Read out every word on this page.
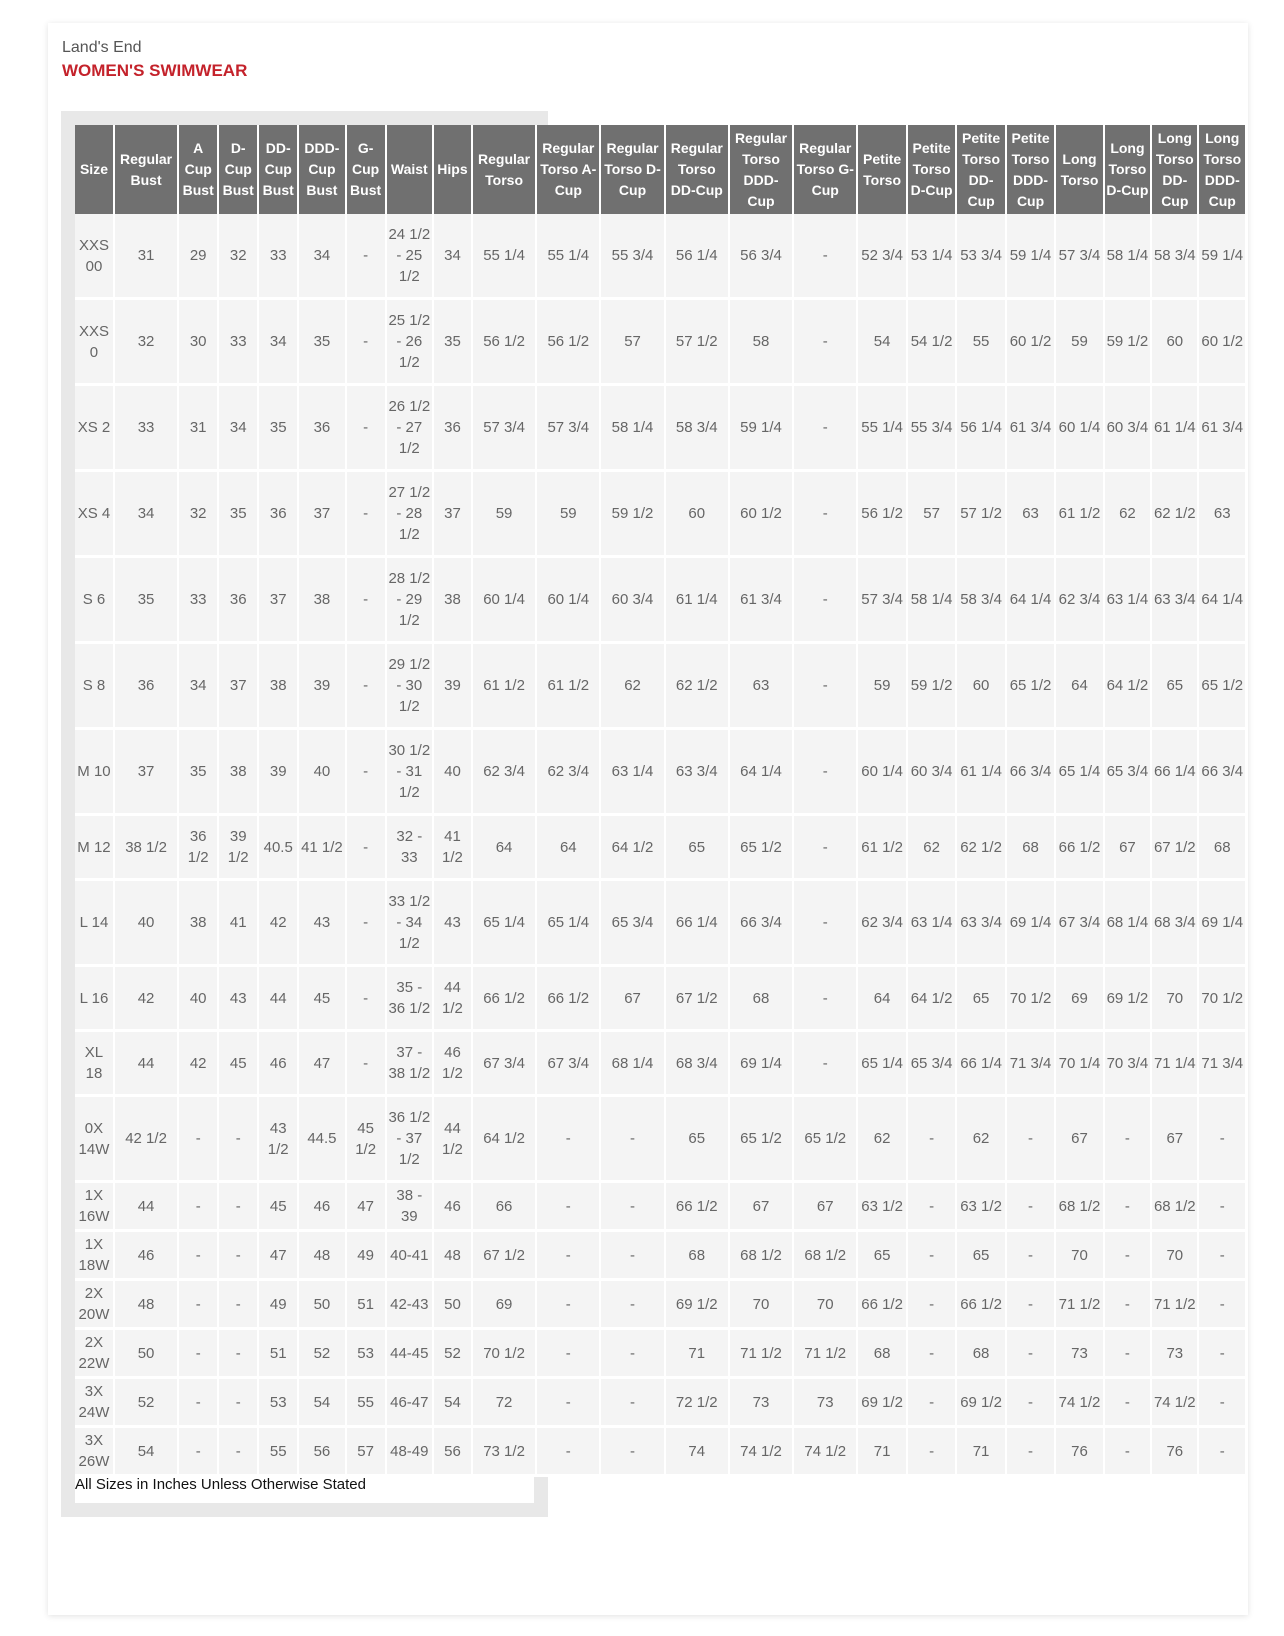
Land's End
WOMEN'S SWIMWEAR
Size	Regular Bust	A Cup Bust	D-Cup Bust	DD-Cup Bust	DDD-Cup Bust	G-Cup Bust	Waist	Hips	Regular Torso	Regular Torso A-Cup	Regular Torso D-Cup	Regular Torso DD-Cup	Regular Torso DDD-Cup	Regular Torso G-Cup	Petite Torso	Petite Torso D-Cup	Petite Torso DD-Cup	Petite Torso DDD-Cup	Long Torso	Long Torso D-Cup	Long Torso DD-Cup	Long Torso DDD-Cup
XXS 00	31	29	32	33	34	-	24 1/2 - 25 1/2	34	55 1/4	55 1/4	55 3/4	56 1/4	56 3/4	-	52 3/4	53 1/4	53 3/4	59 1/4	57 3/4	58 1/4	58 3/4	59 1/4
XXS 0	32	30	33	34	35	-	25 1/2 - 26 1/2	35	56 1/2	56 1/2	57	57 1/2	58	-	54	54 1/2	55	60 1/2	59	59 1/2	60	60 1/2
XS 2	33	31	34	35	36	-	26 1/2 - 27 1/2	36	57 3/4	57 3/4	58 1/4	58 3/4	59 1/4	-	55 1/4	55 3/4	56 1/4	61 3/4	60 1/4	60 3/4	61 1/4	61 3/4
XS 4	34	32	35	36	37	-	27 1/2 - 28 1/2	37	59	59	59 1/2	60	60 1/2	-	56 1/2	57	57 1/2	63	61 1/2	62	62 1/2	63
S 6	35	33	36	37	38	-	28 1/2 - 29 1/2	38	60 1/4	60 1/4	60 3/4	61 1/4	61 3/4	-	57 3/4	58 1/4	58 3/4	64 1/4	62 3/4	63 1/4	63 3/4	64 1/4
S 8	36	34	37	38	39	-	29 1/2 - 30 1/2	39	61 1/2	61 1/2	62	62 1/2	63	-	59	59 1/2	60	65 1/2	64	64 1/2	65	65 1/2
M 10	37	35	38	39	40	-	30 1/2 - 31 1/2	40	62 3/4	62 3/4	63 1/4	63 3/4	64 1/4	-	60 1/4	60 3/4	61 1/4	66 3/4	65 1/4	65 3/4	66 1/4	66 3/4
M 12	38 1/2	36 1/2	39 1/2	40.5	41 1/2	-	32 - 33	41 1/2	64	64	64 1/2	65	65 1/2	-	61 1/2	62	62 1/2	68	66 1/2	67	67 1/2	68
L 14	40	38	41	42	43	-	33 1/2 - 34 1/2	43	65 1/4	65 1/4	65 3/4	66 1/4	66 3/4	-	62 3/4	63 1/4	63 3/4	69 1/4	67 3/4	68 1/4	68 3/4	69 1/4
L 16	42	40	43	44	45	-	35 - 36 1/2	44 1/2	66 1/2	66 1/2	67	67 1/2	68	-	64	64 1/2	65	70 1/2	69	69 1/2	70	70 1/2
XL 18	44	42	45	46	47	-	37 - 38 1/2	46 1/2	67 3/4	67 3/4	68 1/4	68 3/4	69 1/4	-	65 1/4	65 3/4	66 1/4	71 3/4	70 1/4	70 3/4	71 1/4	71 3/4
0X 14W	42 1/2	-	-	43 1/2	44.5	45 1/2	36 1/2 - 37 1/2	44 1/2	64 1/2	-	-	65	65 1/2	65 1/2	62	-	62	-	67	-	67	-
1X 16W	44	-	-	45	46	47	38 - 39	46	66	-	-	66 1/2	67	67	63 1/2	-	63 1/2	-	68 1/2	-	68 1/2	-
1X 18W	46	-	-	47	48	49	40-41	48	67 1/2	-	-	68	68 1/2	68 1/2	65	-	65	-	70	-	70	-
2X 20W	48	-	-	49	50	51	42-43	50	69	-	-	69 1/2	70	70	66 1/2	-	66 1/2	-	71 1/2	-	71 1/2	-
2X 22W	50	-	-	51	52	53	44-45	52	70 1/2	-	-	71	71 1/2	71 1/2	68	-	68	-	73	-	73	-
3X 24W	52	-	-	53	54	55	46-47	54	72	-	-	72 1/2	73	73	69 1/2	-	69 1/2	-	74 1/2	-	74 1/2	-
3X 26W	54	-	-	55	56	57	48-49	56	73 1/2	-	-	74	74 1/2	74 1/2	71	-	71	-	76	-	76	-
All Sizes in Inches Unless Otherwise Stated
